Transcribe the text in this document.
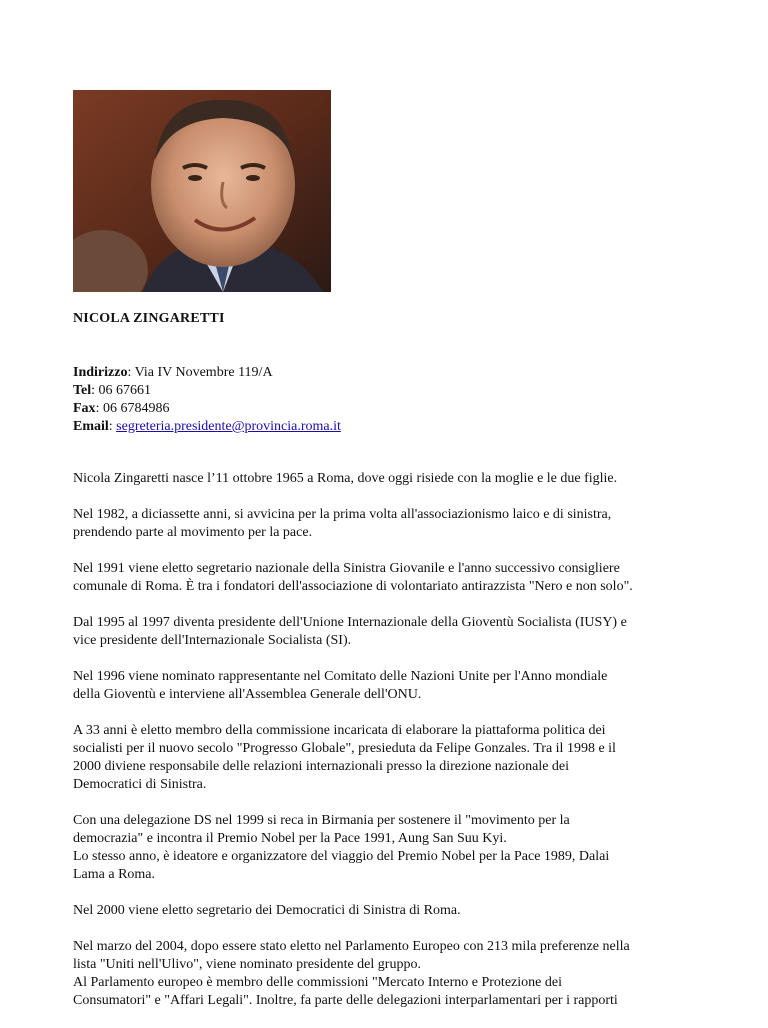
NICOLA ZINGARETTI
Indirizzo: Via IV Novembre 119/A
Tel: 06 67661
Fax: 06 6784986
Email: segreteria.presidente@provincia.roma.it

Nicola Zingaretti nasce l’11 ottobre 1965 a Roma, dove oggi risiede con la moglie e le due figlie.

Nel 1982, a diciassette anni, si avvicina per la prima volta all'associazionismo laico e di sinistra,
prendendo parte al movimento per la pace.

Nel 1991 viene eletto segretario nazionale della Sinistra Giovanile e l'anno successivo consigliere
comunale di Roma. È tra i fondatori dell'associazione di volontariato antirazzista "Nero e non solo".

Dal 1995 al 1997 diventa presidente dell'Unione Internazionale della Gioventù Socialista (IUSY) e
vice presidente dell'Internazionale Socialista (SI).

Nel 1996 viene nominato rappresentante nel Comitato delle Nazioni Unite per l'Anno mondiale
della Gioventù e interviene all'Assemblea Generale dell'ONU.

A 33 anni è eletto membro della commissione incaricata di elaborare la piattaforma politica dei
socialisti per il nuovo secolo "Progresso Globale", presieduta da Felipe Gonzales. Tra il 1998 e il
2000 diviene responsabile delle relazioni internazionali presso la direzione nazionale dei
Democratici di Sinistra.

Con una delegazione DS nel 1999 si reca in Birmania per sostenere il "movimento per la
democrazia" e incontra il Premio Nobel per la Pace 1991, Aung San Suu Kyi.
Lo stesso anno, è ideatore e organizzatore del viaggio del Premio Nobel per la Pace 1989, Dalai
Lama a Roma.

Nel 2000 viene eletto segretario dei Democratici di Sinistra di Roma.

Nel marzo del 2004, dopo essere stato eletto nel Parlamento Europeo con 213 mila preferenze nella
lista "Uniti nell'Ulivo", viene nominato presidente del gruppo.
Al Parlamento europeo è membro delle commissioni "Mercato Interno e Protezione dei
Consumatori" e "Affari Legali". Inoltre, fa parte delle delegazioni interparlamentari per i rapporti
